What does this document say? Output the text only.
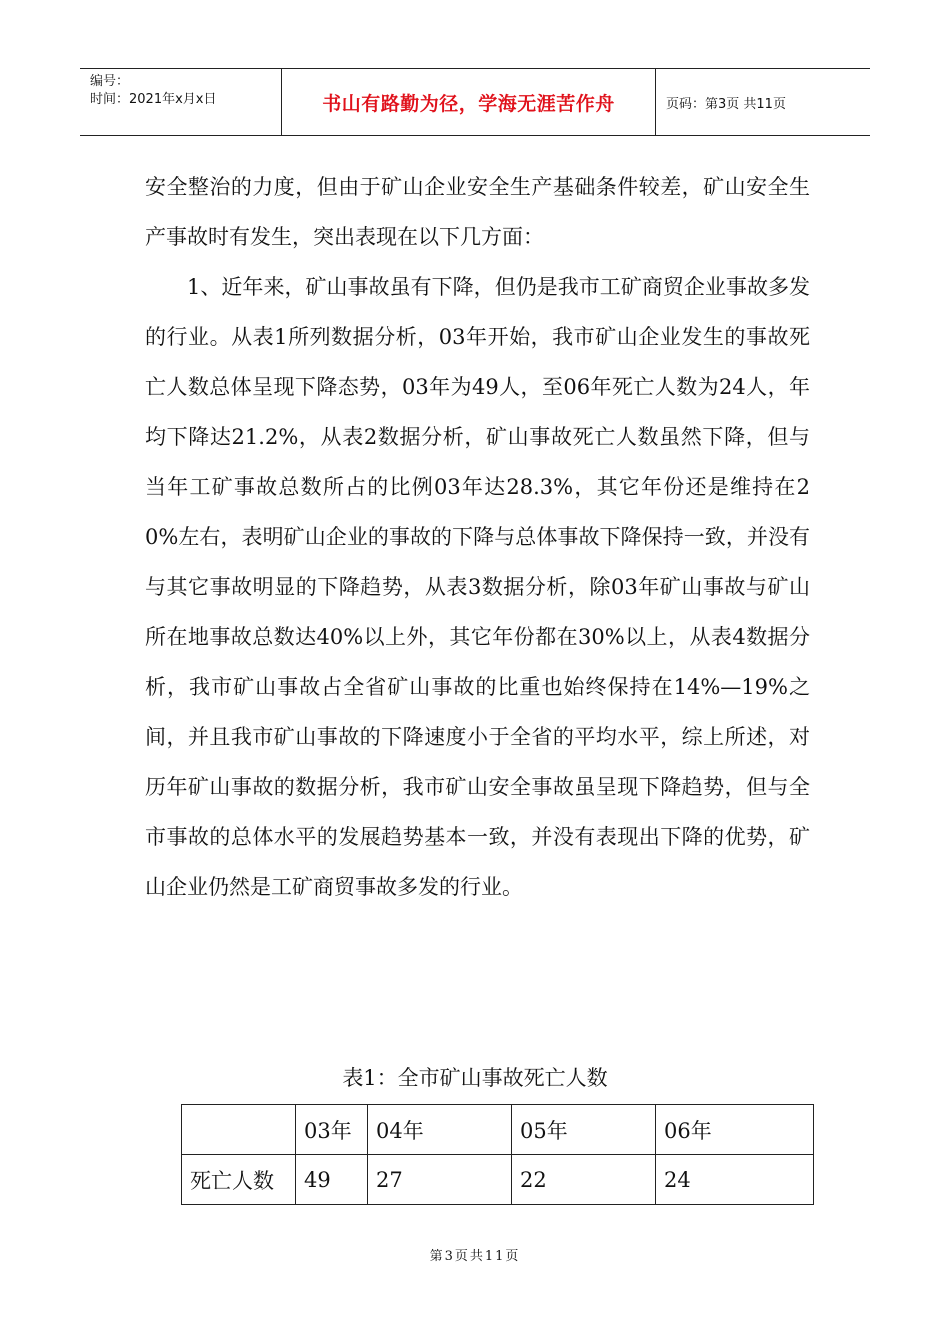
编号：
时间：2021年x月x日	书山有路勤为径，学海无涯苦作舟	页码：第3页 共11页

安全整治的力度，但由于矿山企业安全生产基础条件较差，矿山安全生产事故时有发生，突出表现在以下几方面：

1、近年来，矿山事故虽有下降，但仍是我市工矿商贸企业事故多发的行业。从表1所列数据分析，03年开始，我市矿山企业发生的事故死亡人数总体呈现下降态势，03年为49人，至06年死亡人数为24人，年均下降达21.2%，从表2数据分析，矿山事故死亡人数虽然下降，但与当年工矿事故总数所占的比例03年达28.3%，其它年份还是维持在20%左右，表明矿山企业的事故的下降与总体事故下降保持一致，并没有与其它事故明显的下降趋势，从表3数据分析，除03年矿山事故与矿山所在地事故总数达40%以上外，其它年份都在30%以上，从表4数据分析，我市矿山事故占全省矿山事故的比重也始终保持在14%—19%之间，并且我市矿山事故的下降速度小于全省的平均水平，综上所述，对历年矿山事故的数据分析，我市矿山安全事故虽呈现下降趋势，但与全市事故的总体水平的发展趋势基本一致，并没有表现出下降的优势，矿山企业仍然是工矿商贸事故多发的行业。

表1：全市矿山事故死亡人数
	03年	04年	05年	06年
死亡人数	49	27	22	24
第3页共11页
